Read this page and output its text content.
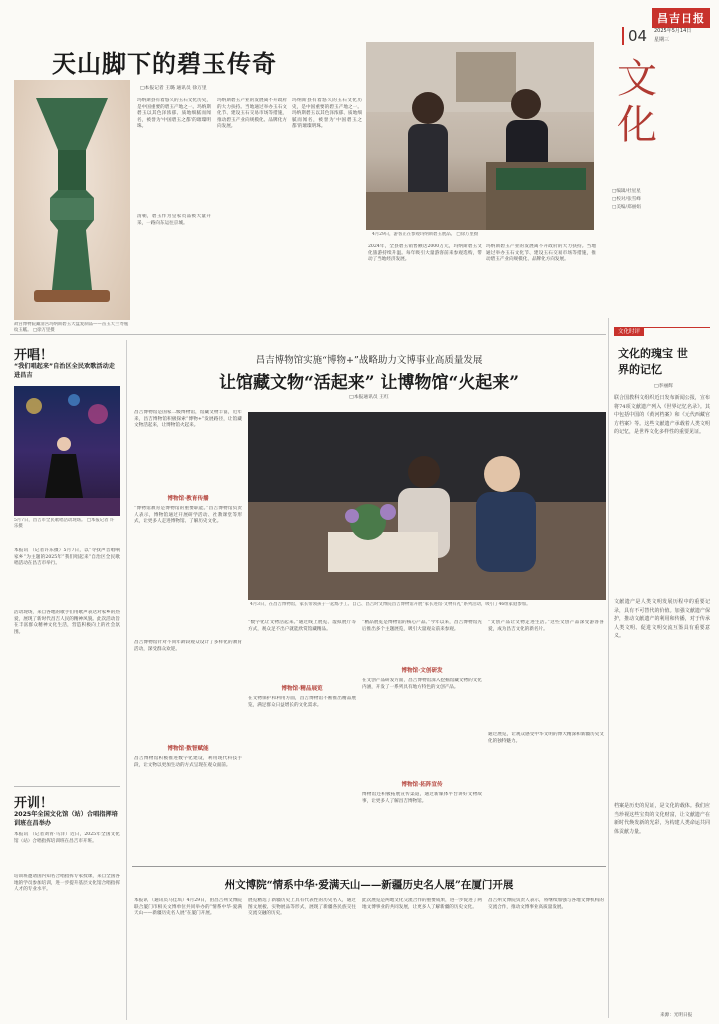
昌吉日报
04 2025年5月14日
星期三
文化
□编辑/杜星星
□校对/张雪峰
□美编/郑丽娟
天山脚下的碧玉传奇
□本报记者 王璐 通讯员 徐万里
故宫博物院藏清宫玛纳斯碧玉大盘复制品——苗玉天兰寿瓶纹玉觚。 □徐万里摄

玛纳斯县有着悠久的玉石文化历史，是中国重要的碧玉产地之一。玛纳斯碧玉以其色泽浓郁、质地细腻而闻名，被誉为'中国碧玉之都'的璀璨明珠。

清朝，碧玉作为皇家贡品被大量开采，一路向东运往京城。

玛纳斯碧玉产业的发展离不开政府的大力扶持。当地通过举办玉石文化节、建设玉石交易市场等措施，推动碧玉产业向规模化、品牌化方向发展。

玛纳斯县有着悠久的玉石文化历史，是中国重要的碧玉产地之一。玛纳斯碧玉以其色泽浓郁、质地细腻而闻名，被誉为'中国碧玉之都'的璀璨明珠。

4月29日，游客正在参观玛纳斯碧玉展品。 □徐万里摄

2024年，全县碧玉销售额达2000万元，玛纳斯碧玉文化旅游持续升温。每年吸引大量游客前来参观选购，带动了当地经济发展。

玛纳斯碧玉产业的发展离不开政府的大力扶持。当地通过举办玉石文化节、建设玉石交易市场等措施，推动碧玉产业向规模化、品牌化方向发展。

文化时评
文化的瑰宝 世界的记忆
□李丽辉

联合国教科文组织近日发布新闻公报，宣布将74项文献遗产列入《世界记忆名录》。其中包括中国的《黄河档案》和《元代西藏官方档案》等。这些文献遗产承载着人类文明的记忆，是世界文化多样性的重要见证。

文献遗产是人类文明发展历程中的重要记录，具有不可替代的价值。加强文献遗产保护，推动文献遗产的利用和传播，对于传承人类文明、促进文明交流互鉴具有重要意义。

档案是历史的见证，是文化的载体。我们应当珍视这些宝贵的文化财富，让文献遗产在新时代焕发新的光彩，为构建人类命运共同体贡献力量。

来源：光明日报
开唱！
“我们唱起来”自治区全民欢歌活动走进昌吉
5月7日，昌吉市全民歌唱活动现场。 □本报记者 许 乐摄

本报讯 （记者许乐摄）5月7日，以“寻找声音唱响家乡”为主题的2025年“我们唱起来”自治区全民歌唱活动在昌吉市举行。

活动现场，来自各地的歌手们用歌声表达对家乡的热爱，展现了新时代昌吉人民的精神风貌。此次活动旨在丰富群众精神文化生活，营造积极向上的社会氛围。

开训！
2025年全国文化馆（站）合唱指挥培训班在昌举办

本报讯 （记者刘青·马洋）近日，2025年全国文化馆（站）合唱指挥培训班在昌吉市开班。

培训班邀请国内知名合唱指挥专家授课，来自全国各地的学员参加培训，进一步提升基层文化馆合唱指挥人才的专业水平。

昌吉博物馆实施“博物+”战略助力文博事业高质量发展
让馆藏文物“活起来” 让博物馆“火起来”
□本报通讯员 王红

昌吉博物馆是国家二级博物馆，馆藏文物丰富，近年来，昌吉博物馆积极探索“博物+”发展路径，让馆藏文物活起来，让博物馆火起来。

博物馆·教育传播

“博物馆教育是博物馆的重要职能。”昌吉博物馆负责人表示，博物馆通过开展研学活动、社教课堂等形式，让更多人走进博物馆、了解历史文化。

昌吉博物馆针对不同年龄段观众设计了多样化的教育活动，深受群众欢迎。

博物馆·数智赋能

昌吉博物馆积极推进数字化建设，利用现代科技手段，让文物以更加生动的方式呈现在观众面前。

4月3日，在昌吉博物馆，家长带领孩子一起练手工、自己、昌吉时文博院昌吉博物馆开展“家长进馆·文物有礼”系列活动，吸引了46组家庭参加。

“数字化让文物活起来。”通过线上展览、虚拟展厅等方式，观众足不出户就能欣赏馆藏精品。

博物馆·精品展览

在文物保护和利用方面，昌吉博物馆不断推出精品展览，满足群众日益增长的文化需求。

“精品展览是博物馆的核心产品。”今年以来，昌吉博物馆先后推出多个主题展览，吸引大量观众前来参观。

博物馆·文创研发

在文创产品研发方面，昌吉博物馆深入挖掘馆藏文物的文化内涵，开发了一系列具有地方特色的文创产品。

博物馆·拓阵宣传

博物馆还积极拓展宣传渠道，通过新媒体平台讲好文物故事，让更多人了解昌吉博物馆。

“文创产品让文物走进生活。”这些文创产品深受游客喜爱，成为昌吉文化的新名片。

通过展览，让观众感受中华文明的博大精深和新疆历史文化的独特魅力。

州文博院“情系中华·爱满天山——新疆历史名人展”在厦门开展

本报讯 （通讯员马佳琪）4月29日，由昌吉州文博院联合厦门市相关文博单位共同举办的“情系中华·爱满天山——新疆历史名人展”在厦门开展。

展览精选了新疆历史上具有代表性的历史名人，通过图文展板、实物展品等形式，展现了新疆各民族交往交流交融的历史。

此次展览是两地文化交流合作的重要成果，进一步促进了两地文博事业的共同发展，让更多人了解新疆的历史文化。

昌吉州文博院负责人表示，将继续加强与各地文博机构的交流合作，推动文博事业高质量发展。
